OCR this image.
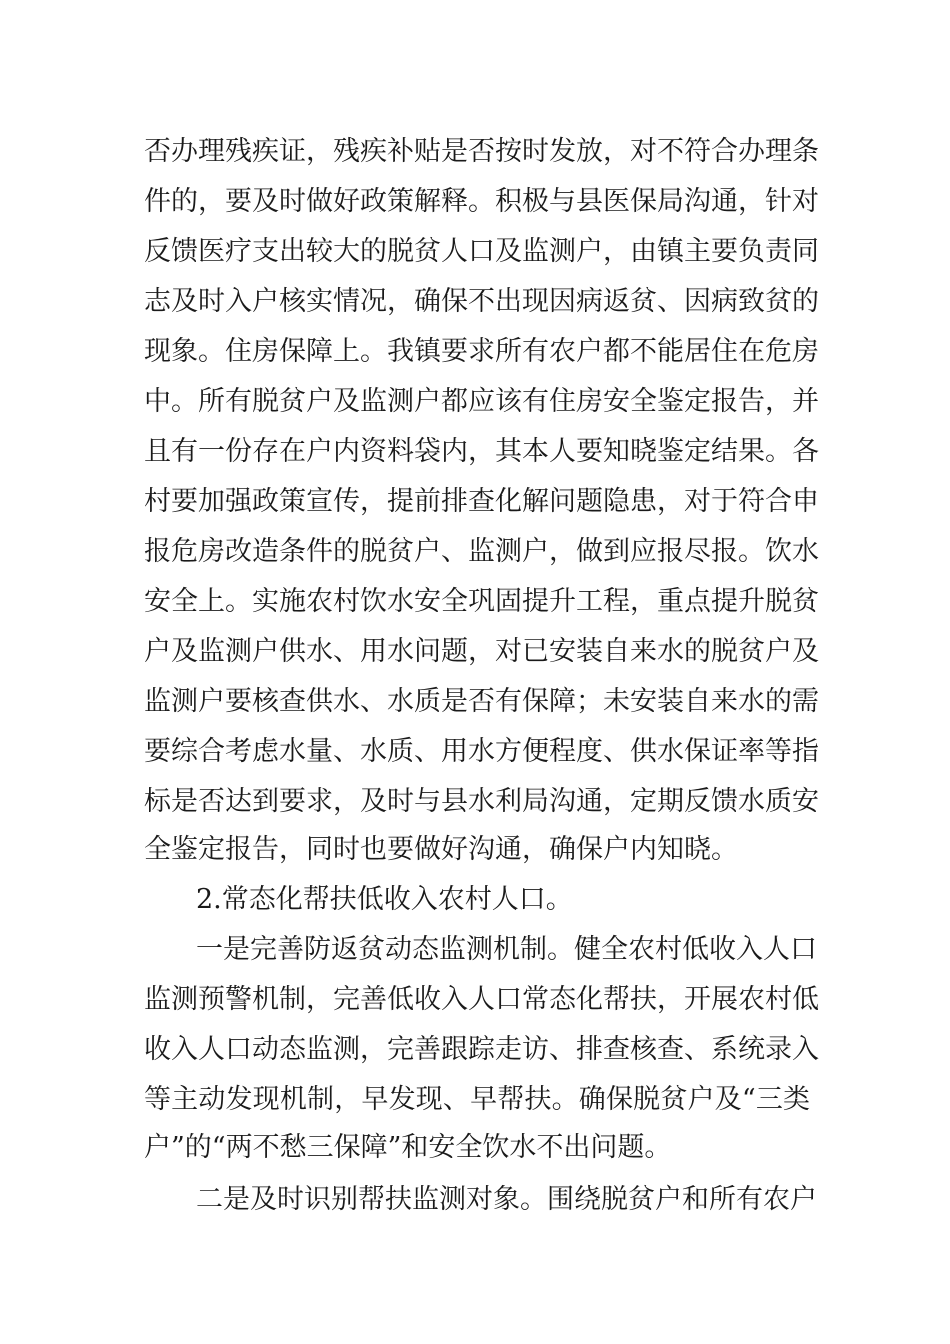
否办理残疾证，残疾补贴是否按时发放，对不符合办理条
件的，要及时做好政策解释。积极与县医保局沟通，针对
反馈医疗支出较大的脱贫人口及监测户，由镇主要负责同
志及时入户核实情况，确保不出现因病返贫、因病致贫的
现象。住房保障上。我镇要求所有农户都不能居住在危房
中。所有脱贫户及监测户都应该有住房安全鉴定报告，并
且有一份存在户内资料袋内，其本人要知晓鉴定结果。各
村要加强政策宣传，提前排查化解问题隐患，对于符合申
报危房改造条件的脱贫户、监测户，做到应报尽报。饮水
安全上。实施农村饮水安全巩固提升工程，重点提升脱贫
户及监测户供水、用水问题，对已安装自来水的脱贫户及
监测户要核查供水、水质是否有保障；未安装自来水的需
要综合考虑水量、水质、用水方便程度、供水保证率等指
标是否达到要求，及时与县水利局沟通，定期反馈水质安
全鉴定报告，同时也要做好沟通，确保户内知晓。
2.常态化帮扶低收入农村人口。
一是完善防返贫动态监测机制。健全农村低收入人口
监测预警机制，完善低收入人口常态化帮扶，开展农村低
收入人口动态监测，完善跟踪走访、排查核查、系统录入
等主动发现机制，早发现、早帮扶。确保脱贫户及“三类
户”的“两不愁三保障”和安全饮水不出问题。
二是及时识别帮扶监测对象。围绕脱贫户和所有农户
